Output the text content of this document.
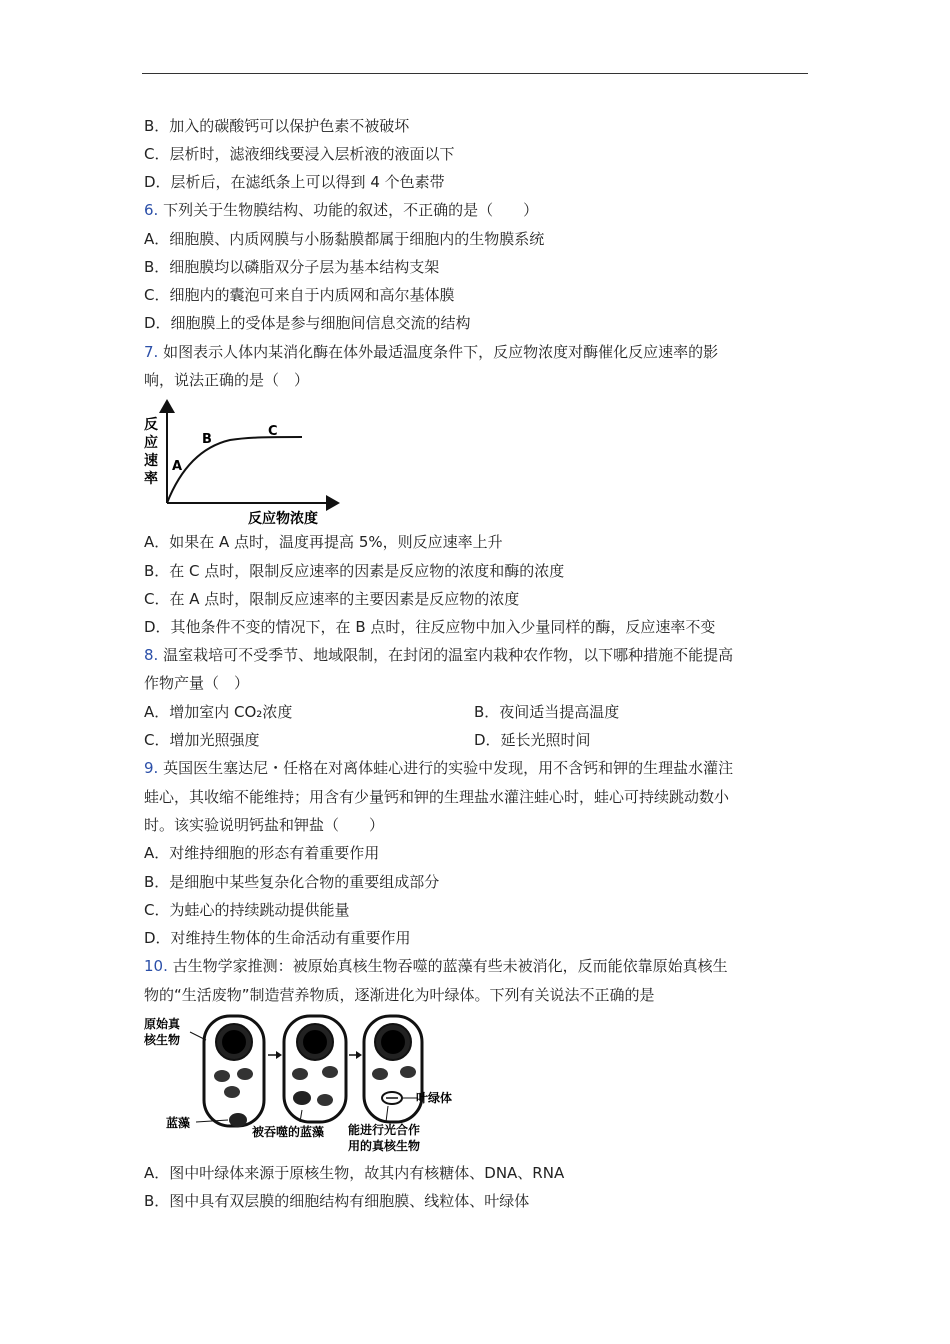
B．加入的碳酸钙可以保护色素不被破坏
C．层析时，滤液细线要浸入层析液的液面以下
D．层析后，在滤纸条上可以得到 4 个色素带
6. 下列关于生物膜结构、功能的叙述，不正确的是（　　）
A．细胞膜、内质网膜与小肠黏膜都属于细胞内的生物膜系统
B．细胞膜均以磷脂双分子层为基本结构支架
C．细胞内的囊泡可来自于内质网和高尔基体膜
D．细胞膜上的受体是参与细胞间信息交流的结构
7. 如图表示人体内某消化酶在体外最适温度条件下，反应物浓度对酶催化反应速率的影
响，说法正确的是（　）
反
应
速
率
A
B
C
反应物浓度
A．如果在 A 点时，温度再提高 5%，则反应速率上升
B．在 C 点时，限制反应速率的因素是反应物的浓度和酶的浓度
C．在 A 点时，限制反应速率的主要因素是反应物的浓度
D．其他条件不变的情况下，在 B 点时，往反应物中加入少量同样的酶，反应速率不变
8. 温室栽培可不受季节、地域限制，在封闭的温室内栽种农作物，以下哪种措施不能提高
作物产量（　）
A．增加室内 CO₂浓度	B．夜间适当提高温度
C．增加光照强度	D．延长光照时间
9. 英国医生塞达尼・任格在对离体蛙心进行的实验中发现，用不含钙和钾的生理盐水灌注
蛙心，其收缩不能维持；用含有少量钙和钾的生理盐水灌注蛙心时，蛙心可持续跳动数小
时。该实验说明钙盐和钾盐（　　）
A．对维持细胞的形态有着重要作用
B．是细胞中某些复杂化合物的重要组成部分
C．为蛙心的持续跳动提供能量
D．对维持生物体的生命活动有重要作用
10. 古生物学家推测：被原始真核生物吞噬的蓝藻有些未被消化，反而能依靠原始真核生
物的“生活废物”制造营养物质，逐渐进化为叶绿体。下列有关说法不正确的是
原始真
核生物
蓝藻
被吞噬的蓝藻
叶绿体
能进行光合作
用的真核生物
A．图中叶绿体来源于原核生物，故其内有核糖体、DNA、RNA
B．图中具有双层膜的细胞结构有细胞膜、线粒体、叶绿体
